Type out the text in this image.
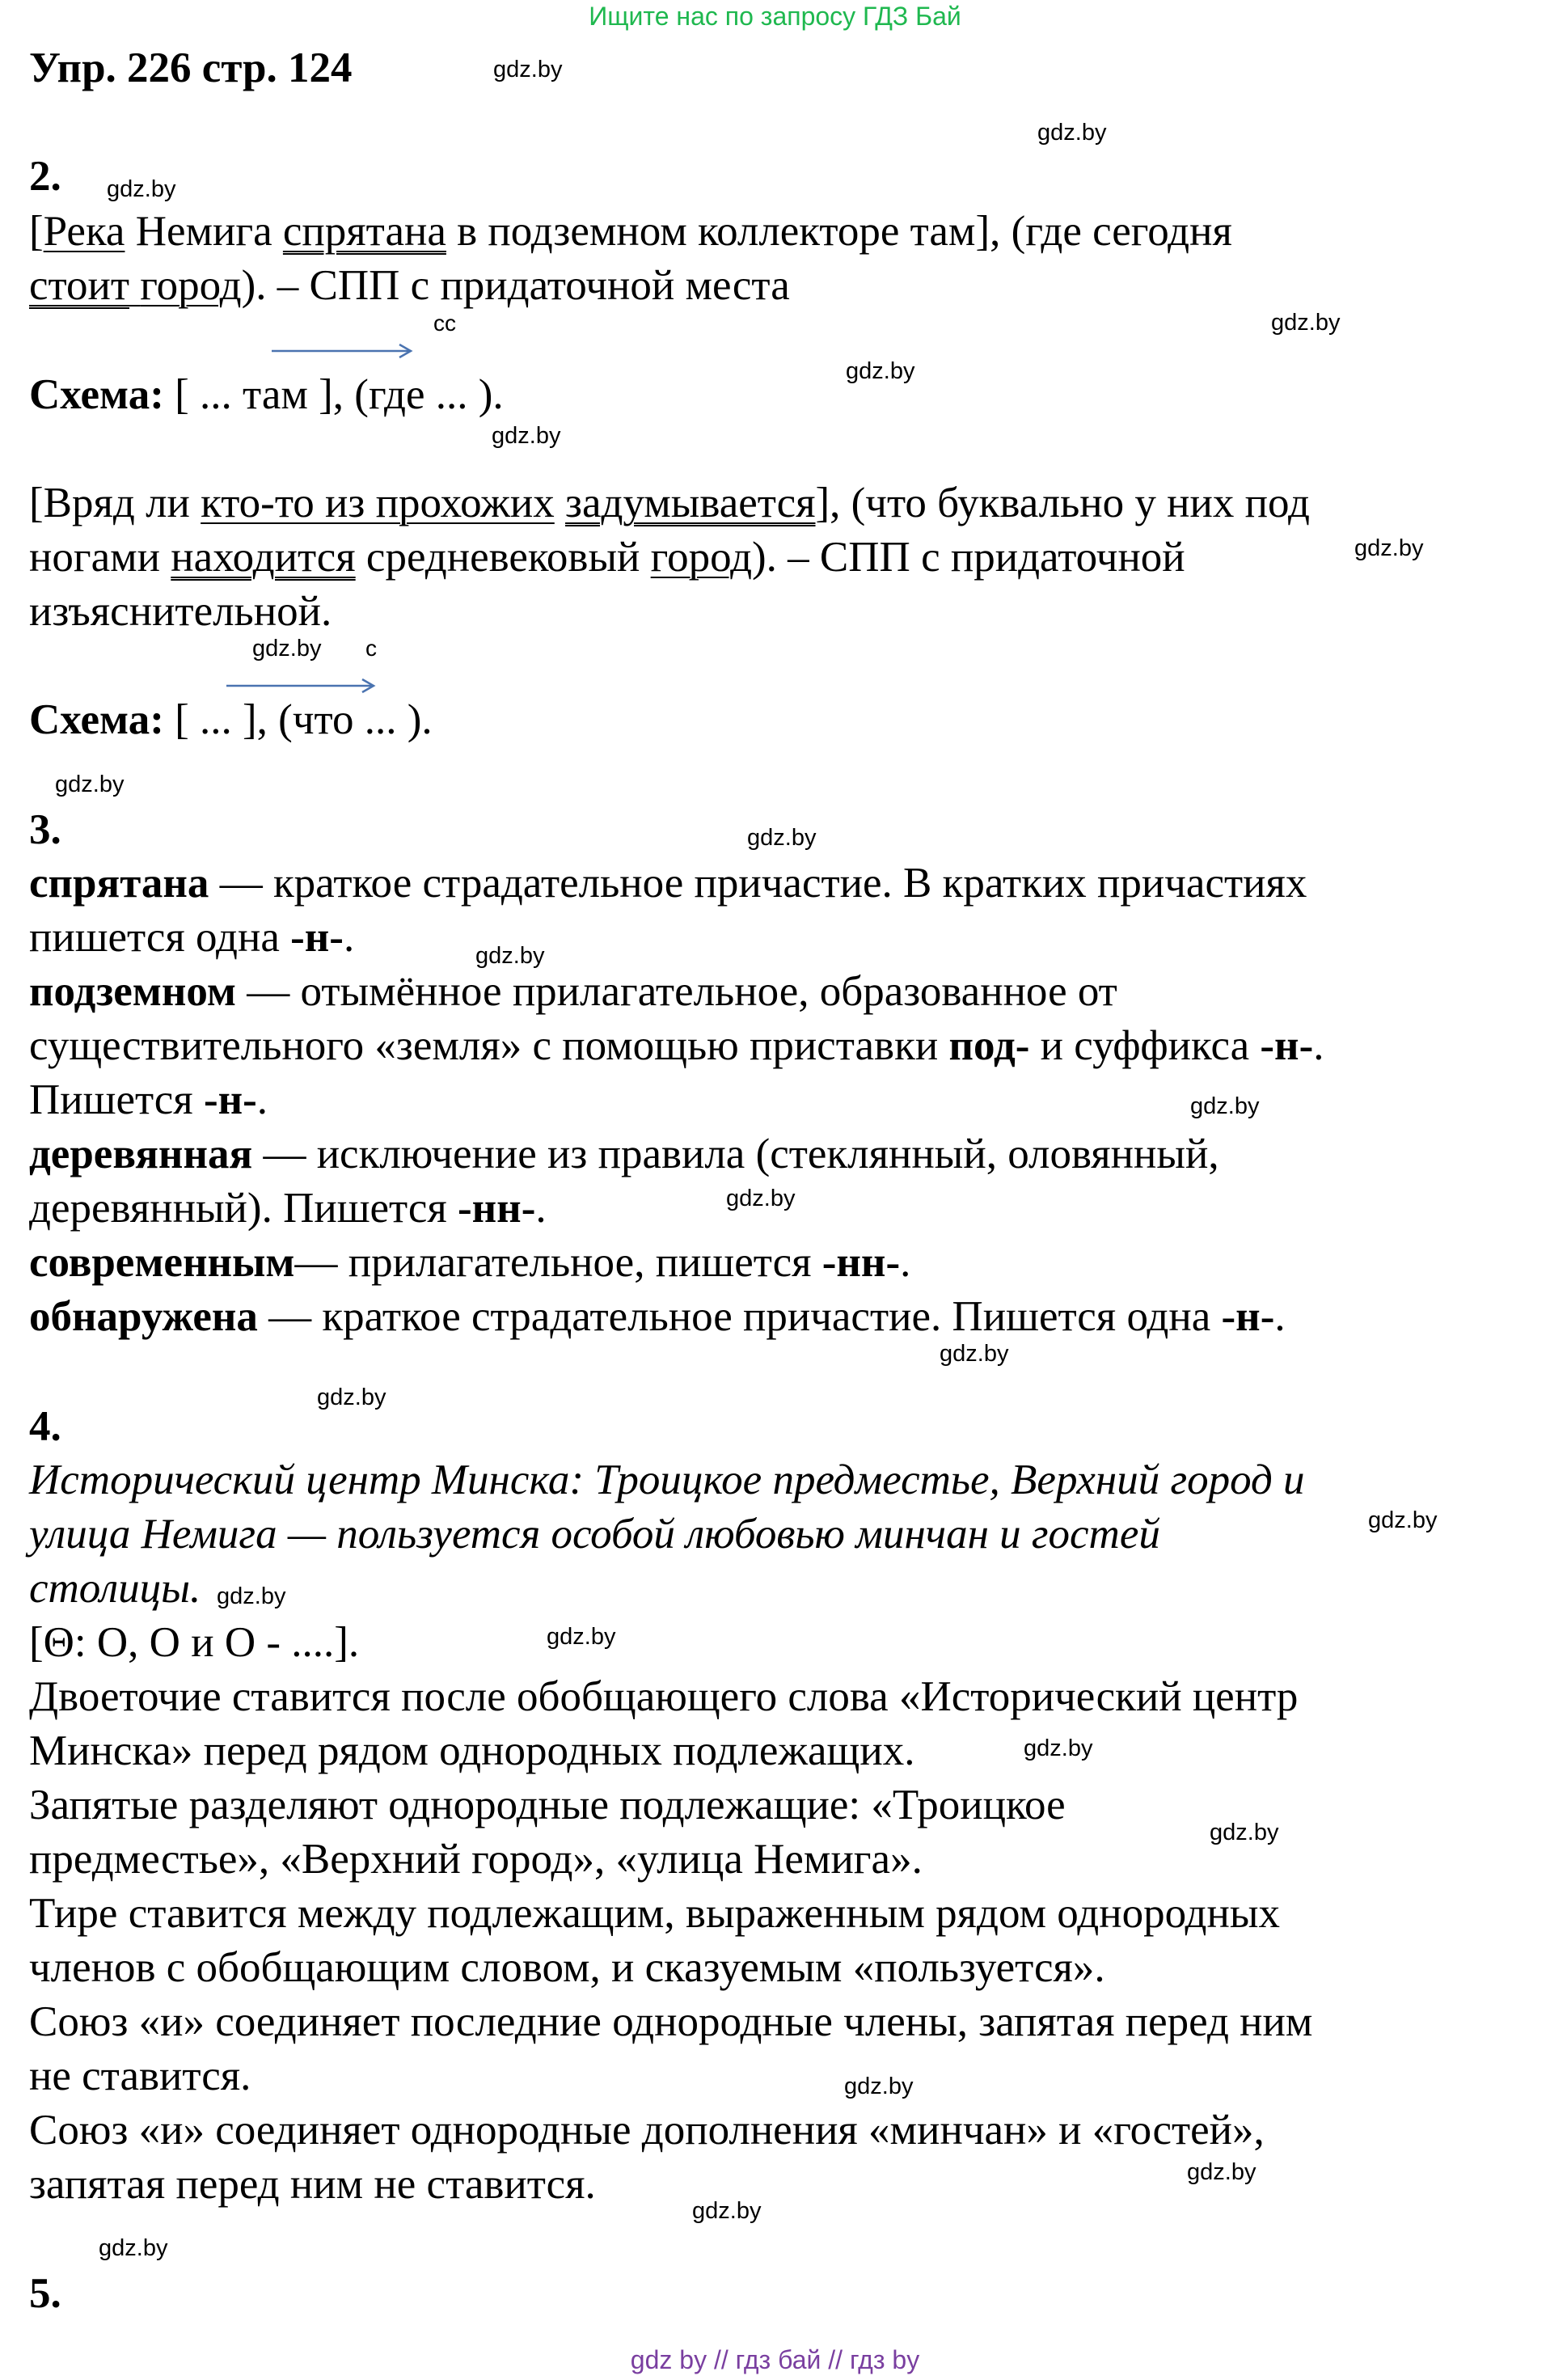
Ищите нас по запросу ГДЗ Бай
Упр. 226 стр. 124
2.
[Река Немига спрятана в подземном коллекторе там], (где сегодня
стоит город). – СПП с придаточной места
сс
Схема: [ ... там ], (где ... ).
[Вряд ли кто-то из прохожих задумывается], (что буквально у них под
ногами находится средневековый город). – СПП с придаточной
изъяснительной.
с
Схема: [ ... ], (что ... ).
3.
спрятана — краткое страдательное причастие. В кратких причастиях
пишется одна -н-.
подземном — отымённое прилагательное, образованное от
существительного «земля» с помощью приставки под- и суффикса -н-.
Пишется -н-.
деревянная — исключение из правила (стеклянный, оловянный,
деревянный). Пишется -нн-.
современным— прилагательное, пишется -нн-.
обнаружена — краткое страдательное причастие. Пишется одна -н-.
4.
Исторический центр Минска: Троицкое предместье, Верхний город и
улица Немига — пользуется особой любовью минчан и гостей
столицы.
[Θ: О, О и О - ....].
Двоеточие ставится после обобщающего слова «Исторический центр
Минска» перед рядом однородных подлежащих.
Запятые разделяют однородные подлежащие: «Троицкое
предместье», «Верхний город», «улица Немига».
Тире ставится между подлежащим, выраженным рядом однородных
членов с обобщающим словом, и сказуемым «пользуется».
Союз «и» соединяет последние однородные члены, запятая перед ним
не ставится.
Союз «и» соединяет однородные дополнения «минчан» и «гостей»,
запятая перед ним не ставится.
5.
gdz.by
gdz.by
gdz.by
gdz.by
gdz.by
gdz.by
gdz.by
gdz.by
gdz.by
gdz.by
gdz.by
gdz.by
gdz.by
gdz.by
gdz.by
gdz.by
gdz.by
gdz.by
gdz.by
gdz.by
gdz.by
gdz.by
gdz.by
gdz.by
gdz by // гдз бай // гдз by
